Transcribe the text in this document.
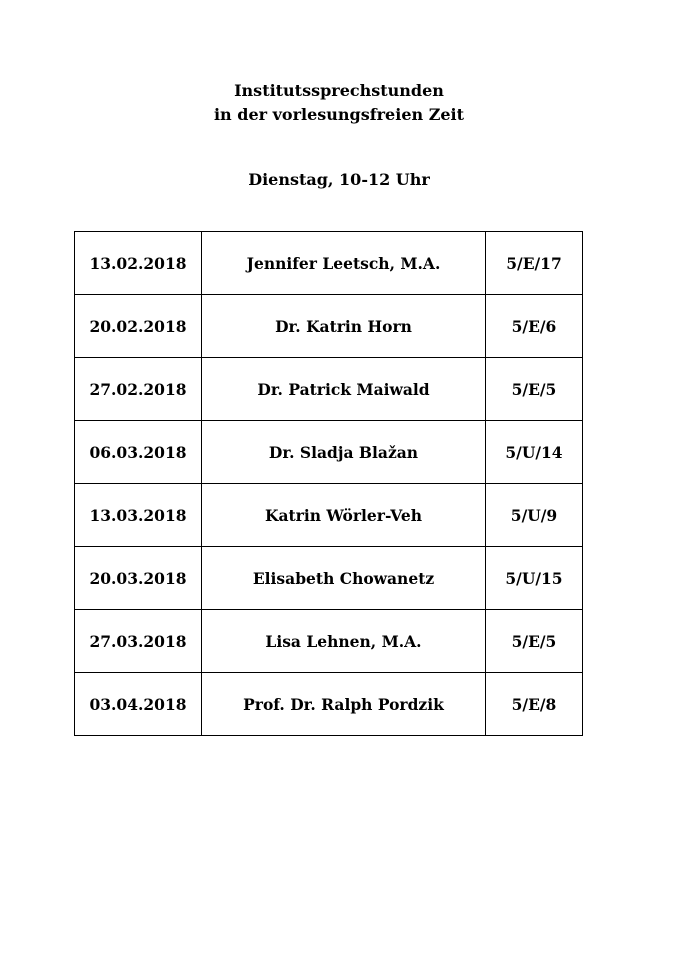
Institutssprechstunden
in der vorlesungsfreien Zeit
Dienstag, 10-12 Uhr
13.02.2018	Jennifer Leetsch, M.A.	5/E/17
20.02.2018	Dr. Katrin Horn	5/E/6
27.02.2018	Dr. Patrick Maiwald	5/E/5
06.03.2018	Dr. Sladja Blažan	5/U/14
13.03.2018	Katrin Wörler-Veh	5/U/9
20.03.2018	Elisabeth Chowanetz	5/U/15
27.03.2018	Lisa Lehnen, M.A.	5/E/5
03.04.2018	Prof. Dr. Ralph Pordzik	5/E/8
